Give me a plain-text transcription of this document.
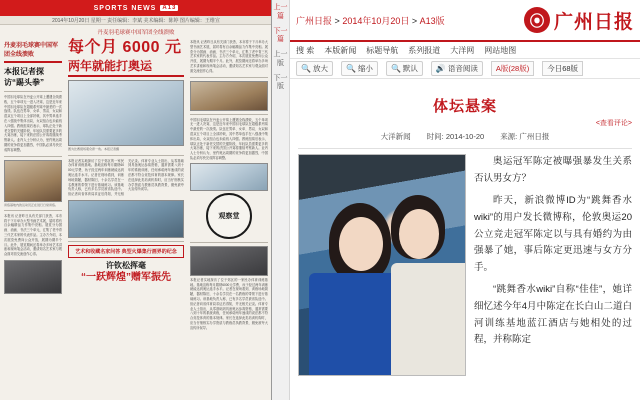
SPORTS NEWS	A13
2014年10月20日 星期一 责任编辑：李斌 美术编辑：陈婷 图片编辑：王维宣
丹麦羽毛球赛中国军团全线溃败
丹麦羽毛球赛中国军团全线溃败
本报记者探访“踢头拳”
中国羽毛球队在丹麦公开赛上遭遇全线溃败，五个单项无一进入决赛，这是近年来中国羽毛球队在超级系列赛中最差的一次战绩。队伍在男单、女单、男双、女双和混双五个项目上全部折戟，其中男单选手在八强战中集体出局，女双组合也未能闯入四强。教练组赛后表示，球队正处于新老交替的关键阶段，年轻队员需要更多的大赛历练，接下来的法国公开赛将继续考察新人。业内人士分析认为，里约奥运周期的竞争将更加激烈，中国队必须尽快完成阵容调整。
训练基地内的运动员正在进行日常训练。
本报讯 记者昨日从有关部门获悉，本市将于下月举办大型书画艺术展，届时将有百余幅精品力作集中亮相。展览分为国画、油画、书法三个单元，汇集了老中青三代艺术家的代表作品。主办方介绍，本次展览免费向公众开放，展期为期半个月。此外，展览期间还将举办多场艺术讲座和现场笔会活动，邀请知名艺术家与观众面对面交流创作心得。
每个月 6000 元
两年就能打奥运
图为比赛现场观众席一角。本报记者摄
本报记者实地探访了位于郊区的一家民办体育训练基地。基地宣称每月缴纳6000元学费，孩子经过两年训练就能达到奥运选手水平。记者在现场看到，训练场地简陋，器材陈旧，十余名学员在一名教练的带领下进行基础练习。该基地负责人称，已有多名学员被省队选中。但记者向省体育局求证后得知，并无相关记录。体育专业人士指出，从零基础到具备奥运参赛资格，通常需要八到十年的系统训练，任何承诺两年速成的说法都不符合竞技体育的基本规律。家长在选择此类培训机构时，应当仔细核实办学资质与教练员执教背景，避免被夸大宣传所误导。
艺术和收藏名家问答 典型火爆集行画界的纪念
许钦松挥毫
“一跃辉煌”赠军振先
本报讯 记者昨日从有关部门获悉，本市将于下月举办大型书画艺术展，届时将有百余幅精品力作集中亮相。展览分为国画、油画、书法三个单元，汇集了老中青三代艺术家的代表作品。主办方介绍，本次展览免费向公众开放，展期为期半个月。此外，展览期间还将举办多场艺术讲座和现场笔会活动，邀请知名艺术家与观众面对面交流创作心得。
中国羽毛球队在丹麦公开赛上遭遇全线溃败，五个单项无一进入决赛，这是近年来中国羽毛球队在超级系列赛中最差的一次战绩。队伍在男单、女单、男双、女双和混双五个项目上全部折戟，其中男单选手在八强战中集体出局，女双组合也未能闯入四强。教练组赛后表示，球队正处于新老交替的关键阶段，年轻队员需要更多的大赛历练，接下来的法国公开赛将继续考察新人。业内人士分析认为，里约奥运周期的竞争将更加激烈，中国队必须尽快完成阵容调整。
观察堂
本报记者实地探访了位于郊区的一家民办体育训练基地。基地宣称每月缴纳6000元学费，孩子经过两年训练就能达到奥运选手水平。记者在现场看到，训练场地简陋，器材陈旧，十余名学员在一名教练的带领下进行基础练习。该基地负责人称，已有多名学员被省队选中。但记者向省体育局求证后得知，并无相关记录。体育专业人士指出，从零基础到具备奥运参赛资格，通常需要八到十年的系统训练，任何承诺两年速成的说法都不符合竞技体育的基本规律。家长在选择此类培训机构时，应当仔细核实办学资质与教练员执教背景，避免被夸大宣传所误导。
上一篇
下一篇
上一版
下一版
广州日报 > 2014年10月20日 > A13版	⦿ 广州日报
搜 索 本版新闻 标题导航 系列报道 大洋网 网站地图
🔍 放大 🔍 缩小 🔍 默认 🔊 语音阅读	A版(28版)	今日68版
体坛悬案
<查看评论>
大洋新闻 时间: 2014-10-20 来源: 广州日报

奥运冠军陈定被曝强暴发生关系否认男女方？

昨天，新浪微博ID为“跳舞香水wiki”的用户发长微博称，伦敦奥运20公立竞走冠军陈定以与具有婚约为由强暴了她，事后陈定更迅速与女方分手。

“跳舞香水wiki”自称“佳佳”，她详细忆述今年4月中陈定在长白山二道白河训练基地蓝江酒店与她相处的过程，并称陈定
